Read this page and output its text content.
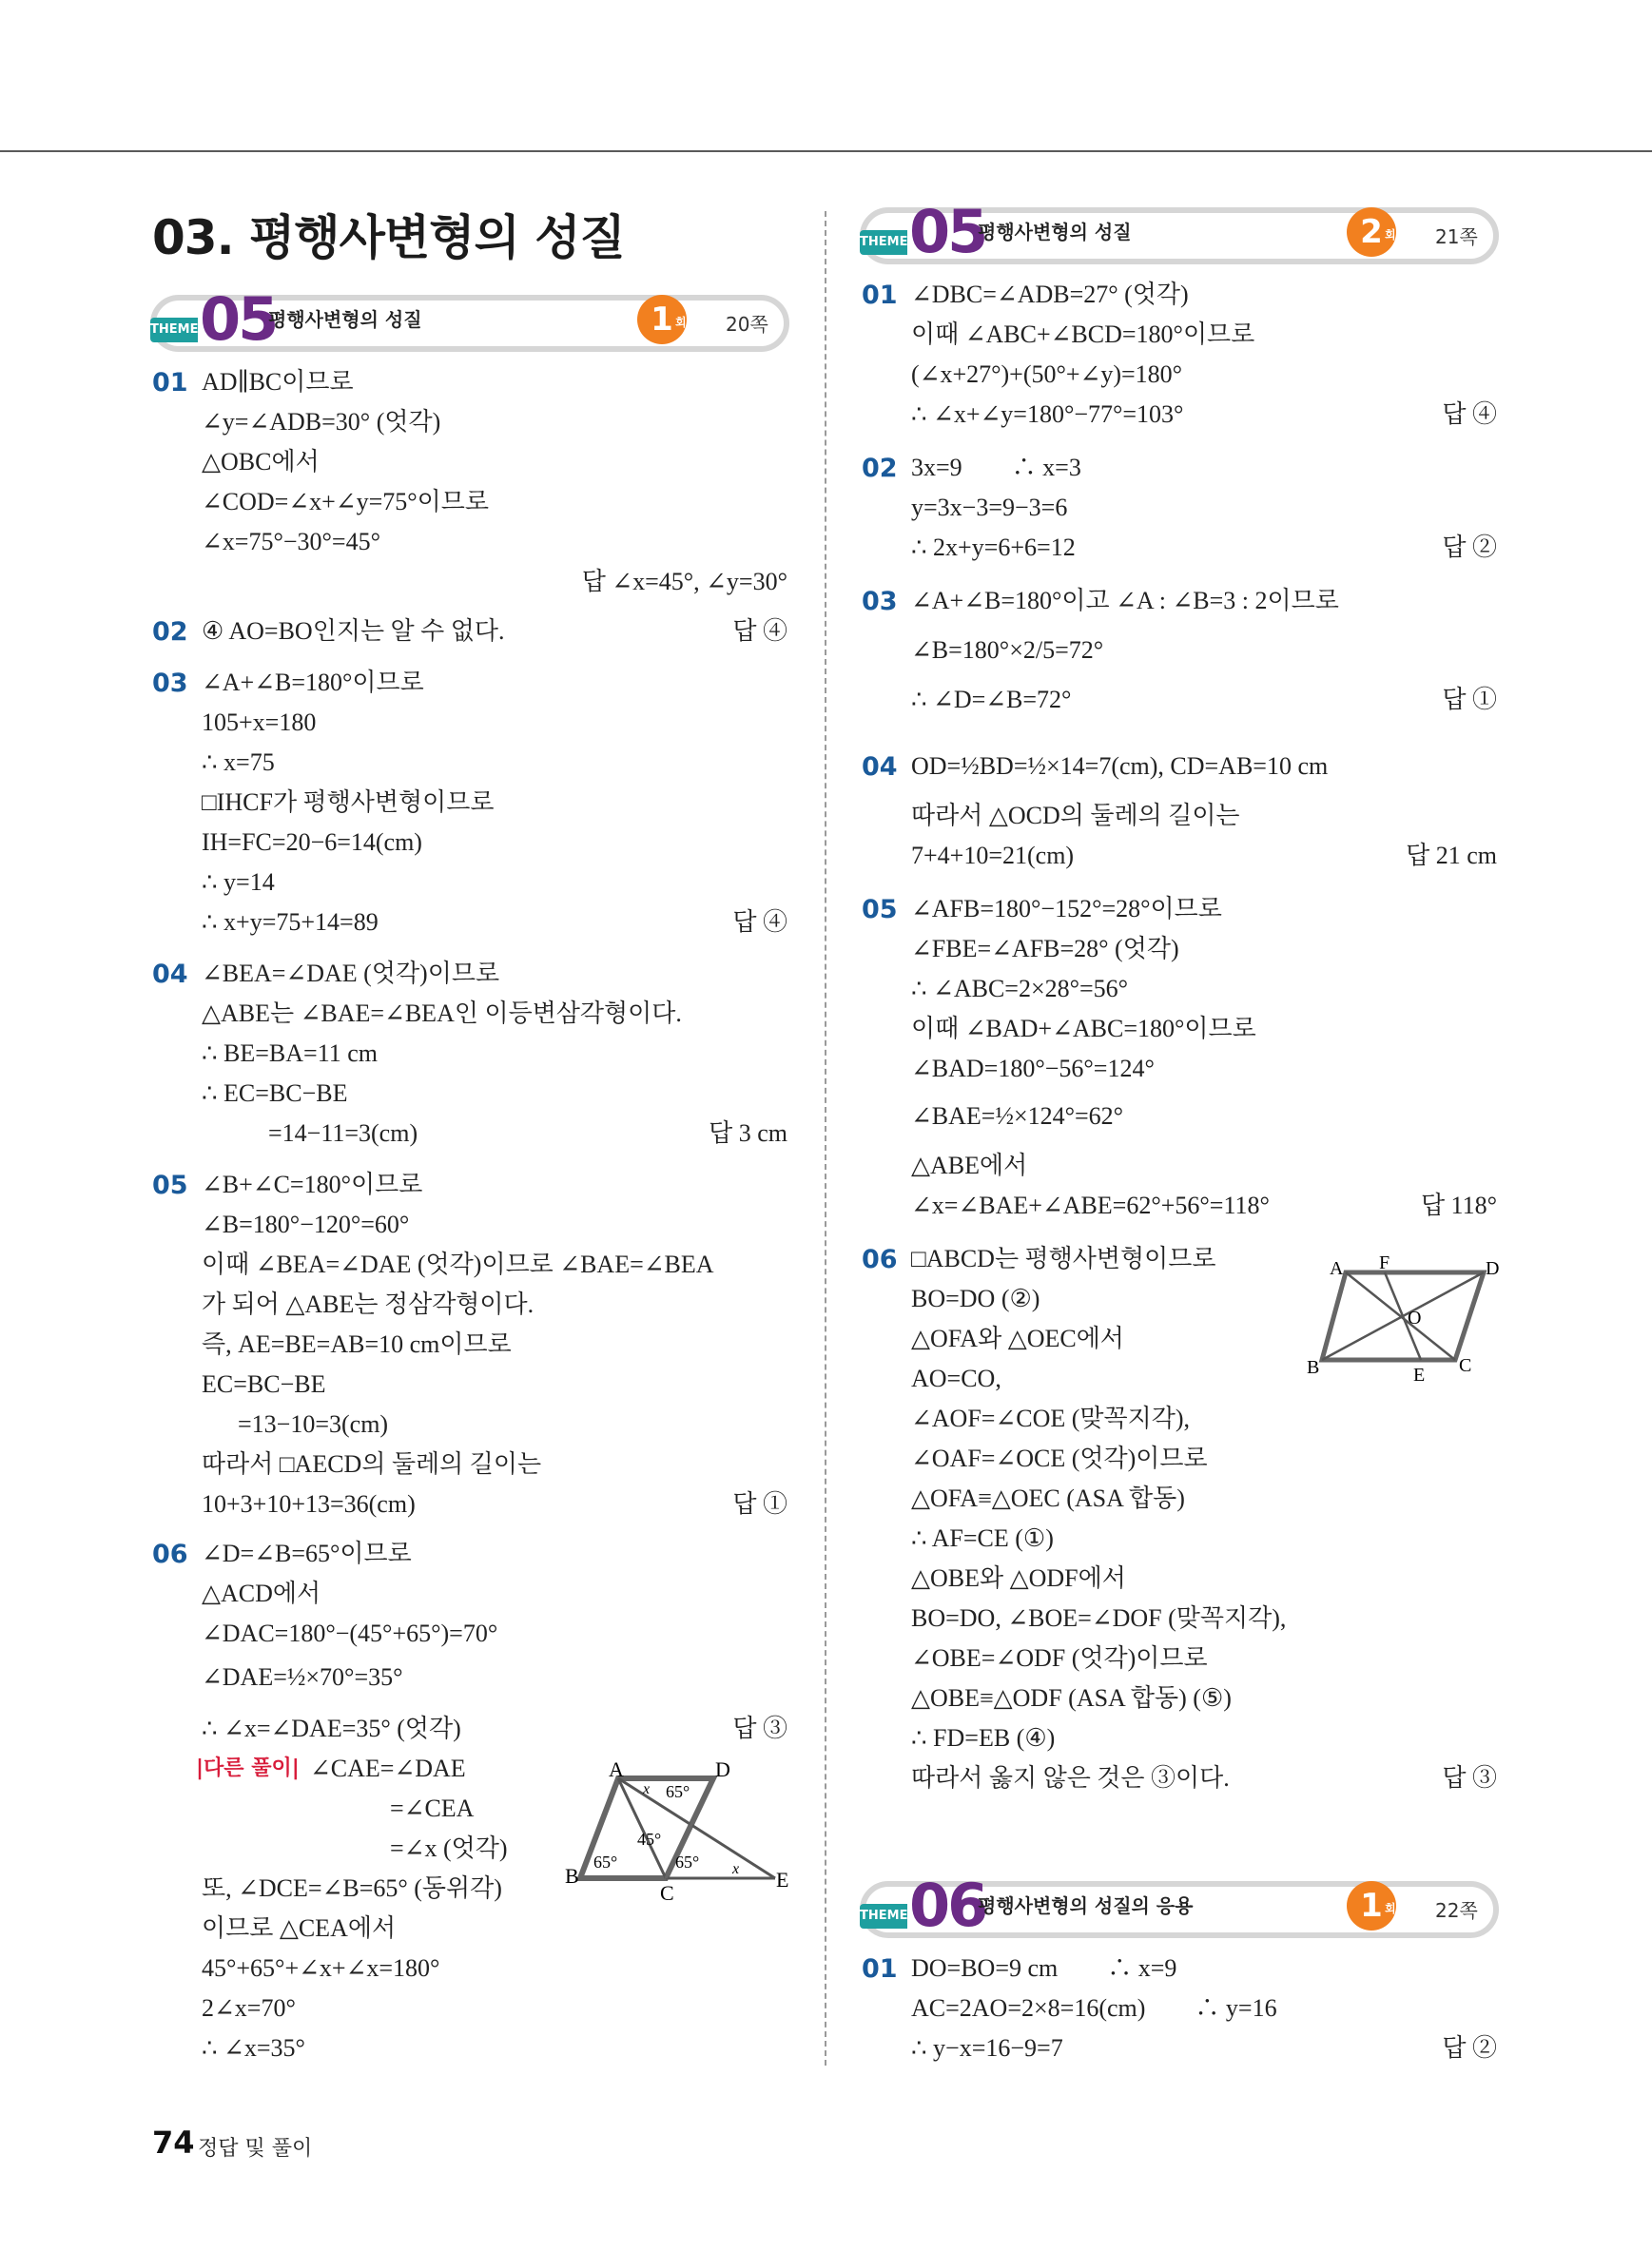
03. 평행사변형의 성질
THEME 05
평행사변형의 성질	1 회 20쪽
THEME 05
평행사변형의 성질	2 회 21쪽
THEME 06
평행사변형의 성질의 응용	1 회 22쪽
01 AD∥BC이므로
∠y=∠ADB=30° (엇각)
△OBC에서
∠COD=∠x+∠y=75°이므로
∠x=75°−30°=45°
답 ∠x=45°, ∠y=30°
02 ④ AO=BO인지는 알 수 없다.	답 ④
03 ∠A+∠B=180°이므로
105+x=180
∴ x=75
□IHCF가 평행사변형이므로
IH=FC=20−6=14(cm)
∴ y=14
∴ x+y=75+14=89	답 ④
04 ∠BEA=∠DAE (엇각)이므로
△ABE는 ∠BAE=∠BEA인 이등변삼각형이다.
∴ BE=BA=11 cm
∴ EC=BC−BE
=14−11=3(cm)	답 3 cm
05 ∠B+∠C=180°이므로
∠B=180°−120°=60°
이때 ∠BEA=∠DAE (엇각)이므로 ∠BAE=∠BEA
가 되어 △ABE는 정삼각형이다.
즉, AE=BE=AB=10 cm이므로
EC=BC−BE
=13−10=3(cm)
따라서 □AECD의 둘레의 길이는
10+3+10+13=36(cm)	답 ①
06 ∠D=∠B=65°이므로
△ACD에서
∠DAC=180°−(45°+65°)=70°
∠DAE=½×70°=35°
∴ ∠x=∠DAE=35° (엇각)	답 ③
|다른 풀이| ∠CAE=∠DAE
=∠CEA
=∠x (엇각)
또, ∠DCE=∠B=65° (동위각)
이므로 △CEA에서
45°+65°+∠x+∠x=180°
2∠x=70°
∴ ∠x=35°
A	D
B
C
E
x 65°
45°
65°	65° x
01 ∠DBC=∠ADB=27° (엇각)
이때 ∠ABC+∠BCD=180°이므로
(∠x+27°)+(50°+∠y)=180°
∴ ∠x+∠y=180°−77°=103°	답 ④
02 3x=9　　∴ x=3
y=3x−3=9−3=6
∴ 2x+y=6+6=12	답 ②
03 ∠A+∠B=180°이고 ∠A : ∠B=3 : 2이므로
∠B=180°×2/5=72°
∴ ∠D=∠B=72°	답 ①
04 OD=½BD=½×14=7(cm), CD=AB=10 cm
따라서 △OCD의 둘레의 길이는
7+4+10=21(cm)	답 21 cm
05 ∠AFB=180°−152°=28°이므로
∠FBE=∠AFB=28° (엇각)
∴ ∠ABC=2×28°=56°
이때 ∠BAD+∠ABC=180°이므로
∠BAD=180°−56°=124°
∠BAE=½×124°=62°
△ABE에서
∠x=∠BAE+∠ABE=62°+56°=118°	답 118°
06 □ABCD는 평행사변형이므로
BO=DO (②)
△OFA와 △OEC에서
AO=CO,
∠AOF=∠COE (맞꼭지각),
∠OAF=∠OCE (엇각)이므로
△OFA≡△OEC (ASA 합동)
∴ AF=CE (①)
△OBE와 △ODF에서
BO=DO, ∠BOE=∠DOF (맞꼭지각),
∠OBE=∠ODF (엇각)이므로
△OBE≡△ODF (ASA 합동) (⑤)
∴ FD=EB (④)
따라서 옳지 않은 것은 ③이다.	답 ③
A F	D
O
B	E C
01 DO=BO=9 cm　　∴ x=9
AC=2AO=2×8=16(cm)　　∴ y=16
∴ y−x=16−9=7	답 ②
74 정답 및 풀이
